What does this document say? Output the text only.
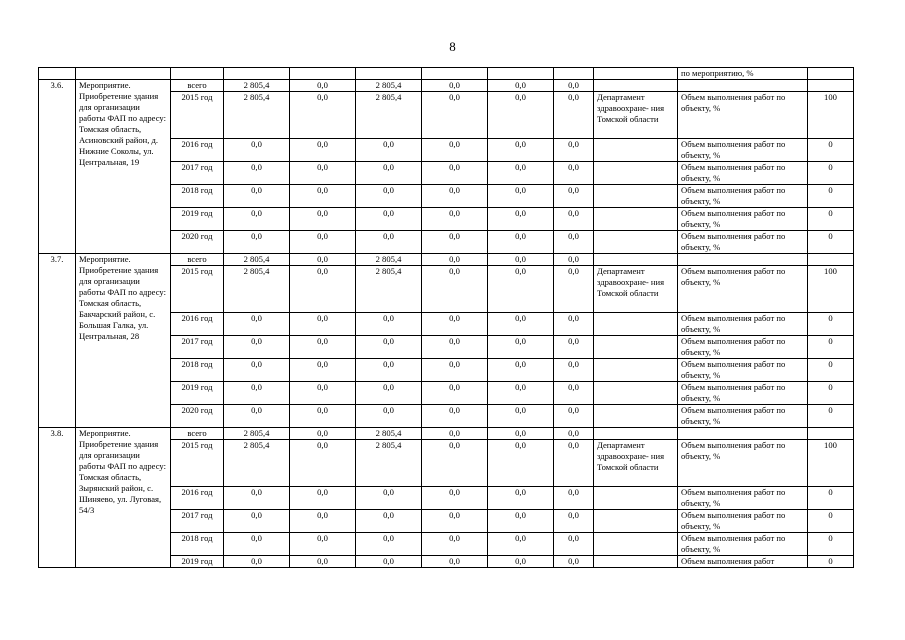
8
										по мероприятию, %	
3.6.	Мероприятие. Приобретение здания для организации работы ФАП по адресу: Томская область, Асиновский район, д. Нижние Соколы, ул. Центральная, 19	всего	2 805,4	0,0	2 805,4	0,0	0,0	0,0			
		2015 год	2 805,4	0,0	2 805,4	0,0	0,0	0,0	Департамент здравоохране- ния Томской области	Объем выполнения работ по объекту, %	100
		2016 год	0,0	0,0	0,0	0,0	0,0	0,0		Объем выполнения работ по объекту, %	0
		2017 год	0,0	0,0	0,0	0,0	0,0	0,0		Объем выполнения работ по объекту, %	0
		2018 год	0,0	0,0	0,0	0,0	0,0	0,0		Объем выполнения работ по объекту, %	0
		2019 год	0,0	0,0	0,0	0,0	0,0	0,0		Объем выполнения работ по объекту, %	0
		2020 год	0,0	0,0	0,0	0,0	0,0	0,0		Объем выполнения работ по объекту, %	0
3.7.	Мероприятие. Приобретение здания для организации работы ФАП по адресу: Томская область, Бакчарский район, с. Большая Галка, ул. Центральная, 28	всего	2 805,4	0,0	2 805,4	0,0	0,0	0,0			
		2015 год	2 805,4	0,0	2 805,4	0,0	0,0	0,0	Департамент здравоохране- ния Томской области	Объем выполнения работ по объекту, %	100
		2016 год	0,0	0,0	0,0	0,0	0,0	0,0		Объем выполнения работ по объекту, %	0
		2017 год	0,0	0,0	0,0	0,0	0,0	0,0		Объем выполнения работ по объекту, %	0
		2018 год	0,0	0,0	0,0	0,0	0,0	0,0		Объем выполнения работ по объекту, %	0
		2019 год	0,0	0,0	0,0	0,0	0,0	0,0		Объем выполнения работ по объекту, %	0
		2020 год	0,0	0,0	0,0	0,0	0,0	0,0		Объем выполнения работ по объекту, %	0
3.8.	Мероприятие. Приобретение здания для организации работы ФАП по адресу: Томская область, Зырянский район, с. Шиняево, ул. Луговая, 54/3	всего	2 805,4	0,0	2 805,4	0,0	0,0	0,0			
		2015 год	2 805,4	0,0	2 805,4	0,0	0,0	0,0	Департамент здравоохране- ния Томской области	Объем выполнения работ по объекту, %	100
		2016 год	0,0	0,0	0,0	0,0	0,0	0,0		Объем выполнения работ по объекту, %	0
		2017 год	0,0	0,0	0,0	0,0	0,0	0,0		Объем выполнения работ по объекту, %	0
		2018 год	0,0	0,0	0,0	0,0	0,0	0,0		Объем выполнения работ по объекту, %	0
		2019 год	0,0	0,0	0,0	0,0	0,0	0,0		Объем выполнения работ	0
